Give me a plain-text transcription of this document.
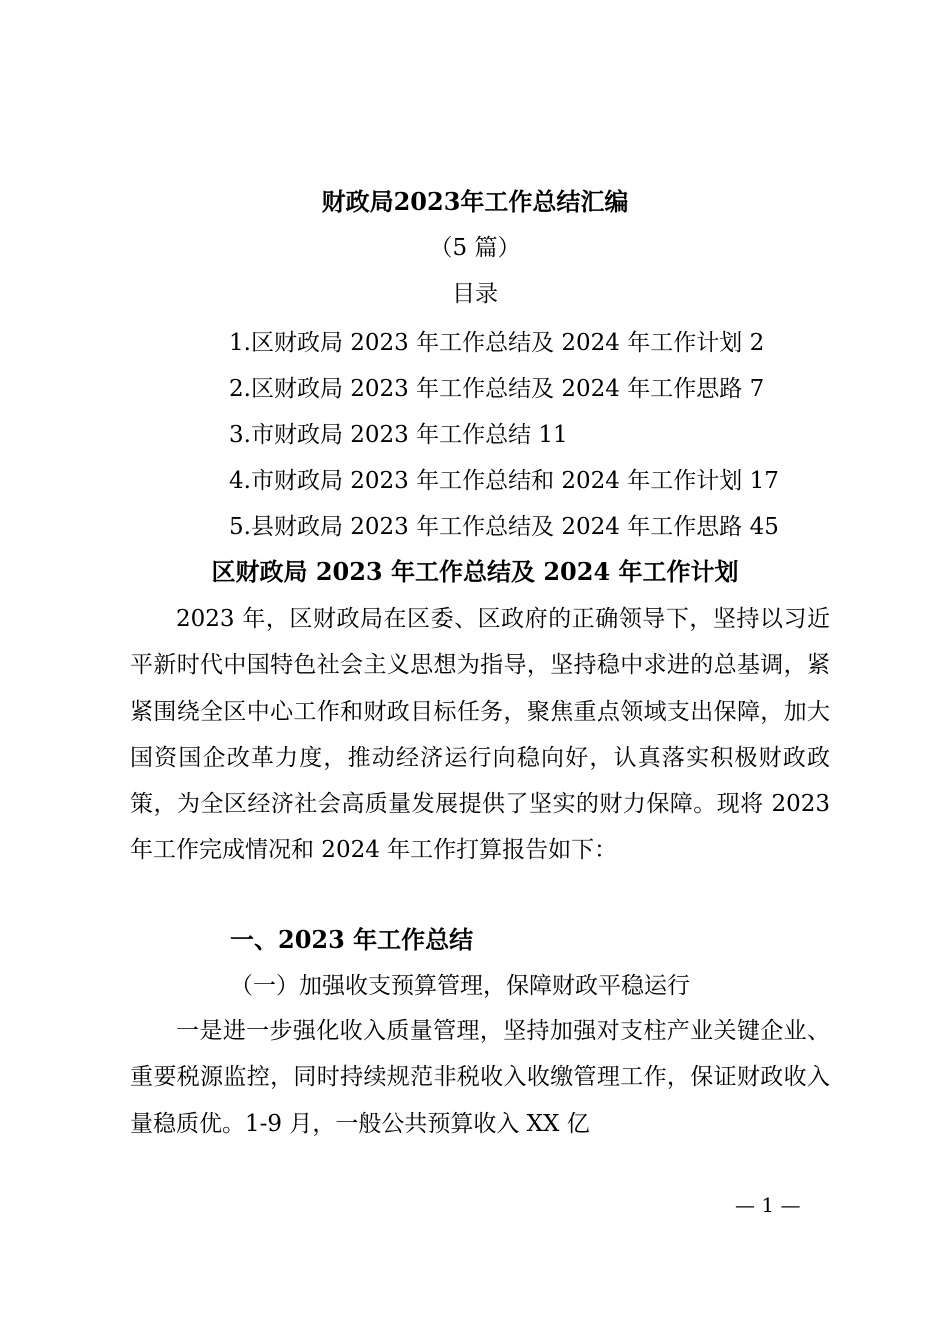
财政局2023年工作总结汇编
（5 篇）
目录
1.区财政局 2023 年工作总结及 2024 年工作计划 2
2.区财政局 2023 年工作总结及 2024 年工作思路 7
3.市财政局 2023 年工作总结 11
4.市财政局 2023 年工作总结和 2024 年工作计划 17
5.县财政局 2023 年工作总结及 2024 年工作思路 45
区财政局 2023 年工作总结及 2024 年工作计划

2023 年，区财政局在区委、区政府的正确领导下，坚持以习近平新时代中国特色社会主义思想为指导，坚持稳中求进的总基调，紧紧围绕全区中心工作和财政目标任务，聚焦重点领域支出保障，加大国资国企改革力度，推动经济运行向稳向好，认真落实积极财政政策，为全区经济社会高质量发展提供了坚实的财力保障。现将 2023 年工作完成情况和 2024 年工作打算报告如下：

一、2023 年工作总结
（一）加强收支预算管理，保障财政平稳运行

一是进一步强化收入质量管理，坚持加强对支柱产业关键企业、重要税源监控，同时持续规范非税收入收缴管理工作，保证财政收入量稳质优。1-9 月，一般公共预算收入 XX 亿

— 1 —
